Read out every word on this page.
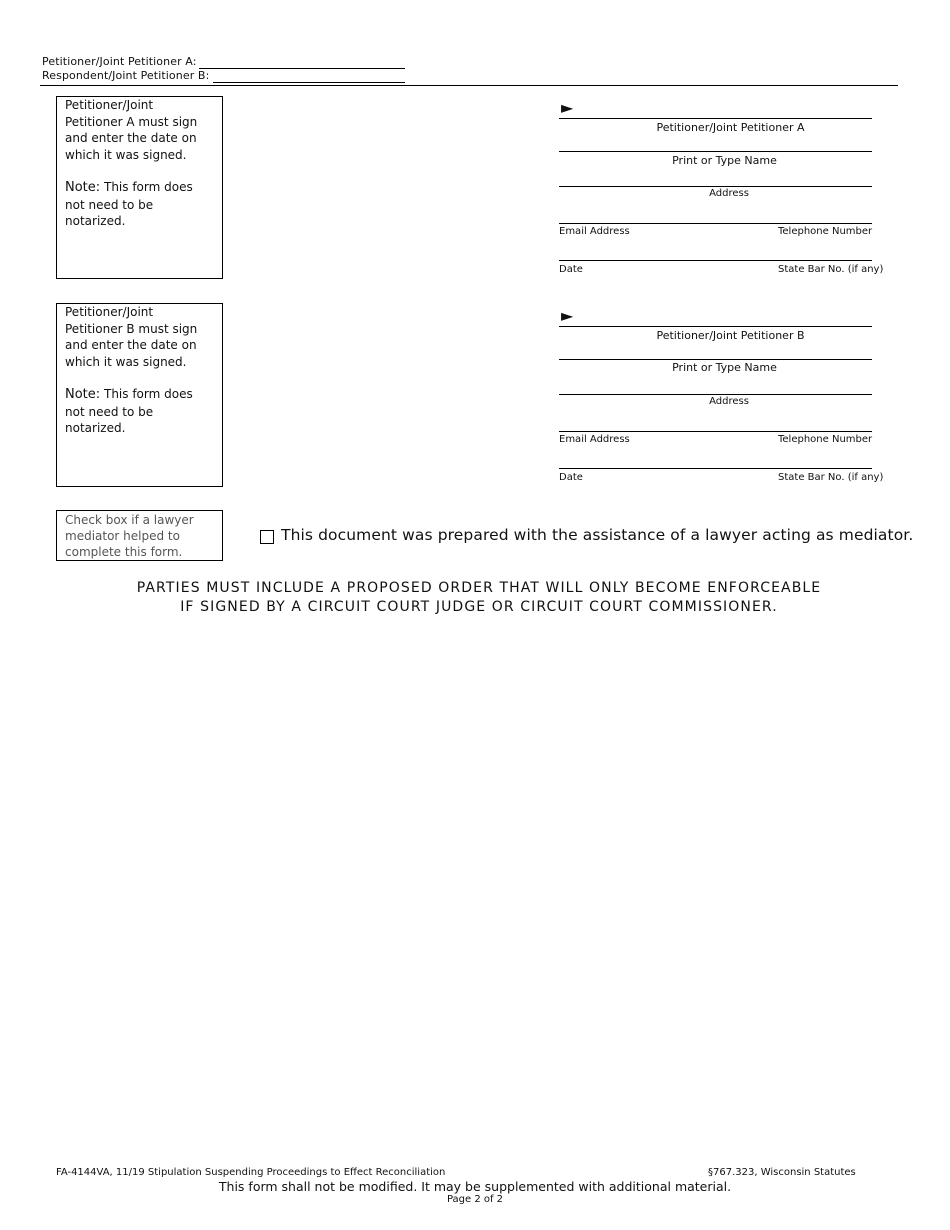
Petitioner/Joint Petitioner A:
Respondent/Joint Petitioner B:
Petitioner/Joint Petitioner A must sign and enter the date on which it was signed.
Note: This form does not need to be notarized.
►
Petitioner/Joint Petitioner A
Print or Type Name
Address
Email Address	Telephone Number
Date	State Bar No. (if any)
Petitioner/Joint Petitioner B must sign and enter the date on which it was signed.
Note: This form does not need to be notarized.
►
Petitioner/Joint Petitioner B
Print or Type Name
Address
Email Address	Telephone Number
Date	State Bar No. (if any)
Check box if a lawyer mediator helped to complete this form.
This document was prepared with the assistance of a lawyer acting as mediator.
PARTIES MUST INCLUDE A PROPOSED ORDER THAT WILL ONLY BECOME ENFORCEABLE
IF SIGNED BY A CIRCUIT COURT JUDGE OR CIRCUIT COURT COMMISSIONER.
FA-4144VA, 11/19 Stipulation Suspending Proceedings to Effect Reconciliation	§767.323, Wisconsin Statutes
This form shall not be modified. It may be supplemented with additional material.
Page 2 of 2
